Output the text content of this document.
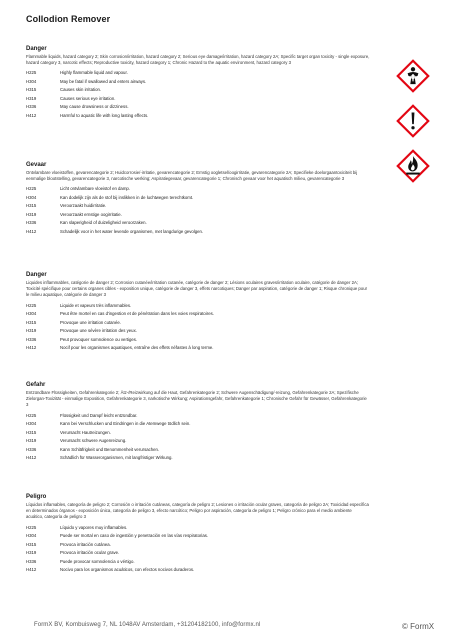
Collodion Remover
Danger
Flammable liquids, hazard category 2; Skin corrosion/irritation, hazard category 2; Serious eye damage/irritation, hazard category 2A; Specific target organ toxicity - single exposure, hazard category 3, narcotic effects; Reproductive toxicity, hazard category 1; Chronic Hazard to the aquatic environment, hazard category 3
H225	Highly flammable liquid and vapour.
H304	May be fatal if swallowed and enters airways.
H315	Causes skin irritation.
H319	Causes serious eye irritation.
H336	May cause drowsiness or dizziness.
H412	Harmful to aquatic life with long lasting effects.
Gevaar
Ontvlambare vloeistoffen, gevarencategorie 2; Huidcorrosie/-irritatie, gevarencategorie 2; Ernstig oogletsel/oogirritatie, gevarencategorie 2A; Specifieke doelorgaantoxiciteit bij eenmalige blootstelling, gevarencategorie 3, narcotische werking; Aspiratiegevaar, gevarencategorie 1; Chronisch gevaar voor het aquatisch milieu, gevarencategorie 3
H225	Licht ontvlambare vloeistof en damp.
H304	Kan dodelijk zijn als de stof bij inslikken in de luchtwegen terechtkomt.
H315	Veroorzaakt huidirritatie.
H319	Veroorzaakt ernstige oogirritatie.
H336	Kan slaperigheid of duizeligheid veroorzaken.
H412	Schadelijk voor in het water levende organismen, met langdurige gevolgen.
Danger
Liquides inflammables, catégorie de danger 2; Corrosion cutanée/irritation cutanée, catégorie de danger 2; Lésions oculaires graves/irritation oculaire, catégorie de danger 2A; Toxicité spécifique pour certains organes cibles - exposition unique, catégorie de danger 3, effets narcotiques; Danger par aspiration, catégorie de danger 1; Risque chronique pour le milieu aquatique, catégorie de danger 3
H225	Liquide et vapeurs très inflammables.
H304	Peut être mortel en cas d'ingestion et de pénétration dans les voies respiratoires.
H315	Provoque une irritation cutanée.
H319	Provoque une sévère irritation des yeux.
H336	Peut provoquer somnolence ou vertiges.
H412	Nocif pour les organismes aquatiques, entraîne des effets néfastes à long terme.
Gefahr
Entzündbare Flüssigkeiten, Gefahrenkategorie 2; Ätz-/Reizwirkung auf die Haut, Gefahrenkategorie 2; Schwere Augenschädigung/-reizung, Gefahrenkategorie 2A; Spezifische Zielorgan-Toxizität - einmalige Exposition, Gefahrenkategorie 3, narkotische Wirkung; Aspirationsgefahr, Gefahrenkategorie 1; Chronische Gefahr für Gewässer, Gefahrenkategorie 3
H225	Flüssigkeit und Dampf leicht entzündbar.
H304	Kann bei Verschlucken und Eindringen in die Atemwege tödlich sein.
H315	Verursacht Hautreizungen.
H319	Verursacht schwere Augenreizung.
H336	Kann Schläfrigkeit und Benommenheit verursachen.
H412	Schädlich für Wasserorganismen, mit langfristiger Wirkung.
Peligro
Líquidos inflamables, categoría de peligro 2; Corrosión o irritación cutáneas, categoría de peligro 2; Lesiones o irritación ocular graves, categoría de peligro 2A; Toxicidad específica en determinados órganos - exposición única, categoría de peligro 3, efecto narcótico; Peligro por aspiración, categoría de peligro 1; Peligro crónico para el medio ambiente acuático, categoría de peligro 3
H225	Líquido y vapores muy inflamables.
H304	Puede ser mortal en caso de ingestión y penetración en las vías respiratorias.
H315	Provoca irritación cutánea.
H319	Provoca irritación ocular grave.
H336	Puede provocar somnolencia o vértigo.
H412	Nocivo para los organismos acuáticos, con efectos nocivos duraderos.

FormX BV, Kombuisweg 7, NL 1048AV Amsterdam, +31204182100, info@formx.nl	© FormX
